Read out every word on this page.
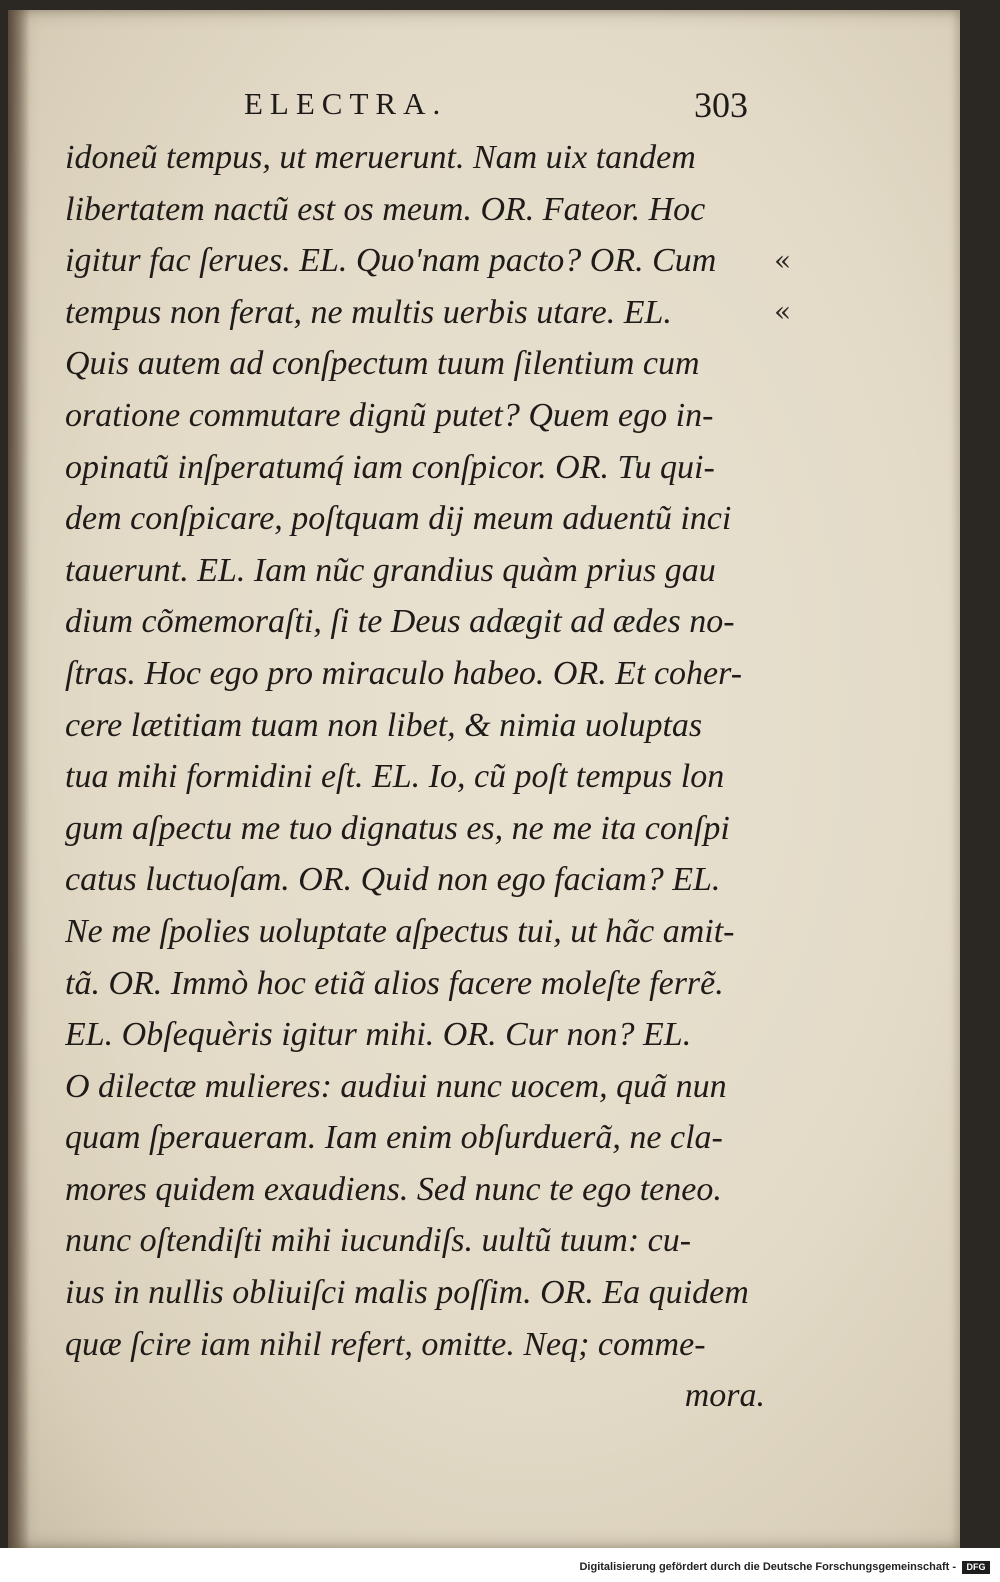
ELECTRA.	303
idoneũ tempus, ut meruerunt. Nam uix tandem
libertatem nactũ est os meum. OR. Fateor. Hoc
igitur fac ſerues. EL. Quo'nam pacto? OR. Cum
tempus non ferat, ne multis uerbis utare. EL.
Quis autem ad conſpectum tuum ſilentium cum
oratione commutare dignũ putet? Quem ego in-
opinatũ inſperatumq́ iam conſpicor. OR. Tu qui-
dem conſpicare, poſtquam dij meum aduentũ inci
tauerunt. EL. Iam nũc grandius quàm prius gau
dium cõmemoraſti, ſi te Deus adægit ad ædes no-
ſtras. Hoc ego pro miraculo habeo. OR. Et coher-
cere lætitiam tuam non libet, & nimia uoluptas
tua mihi formidini eſt. EL. Io, cũ poſt tempus lon
gum aſpectu me tuo dignatus es, ne me ita conſpi
catus luctuoſam. OR. Quid non ego faciam? EL.
Ne me ſpolies uoluptate aſpectus tui, ut hãc amit-
tã. OR. Immò hoc etiã alios facere moleſte ferrẽ.
EL. Obſequèris igitur mihi. OR. Cur non? EL.
O dilectæ mulieres: audiui nunc uocem, quã nun
quam ſperaueram. Iam enim obſurduerã, ne cla-
mores quidem exaudiens. Sed nunc te ego teneo.
nunc oſtendiſti mihi iucundiſs. uultũ tuum: cu-
ius in nullis obliuiſci malis poſſim. OR. Ea quidem
quæ ſcire iam nihil refert, omitte. Neq; comme-
mora.
«
«
Digitalisierung gefördert durch die Deutsche Forschungsgemeinschaft -	DFG
